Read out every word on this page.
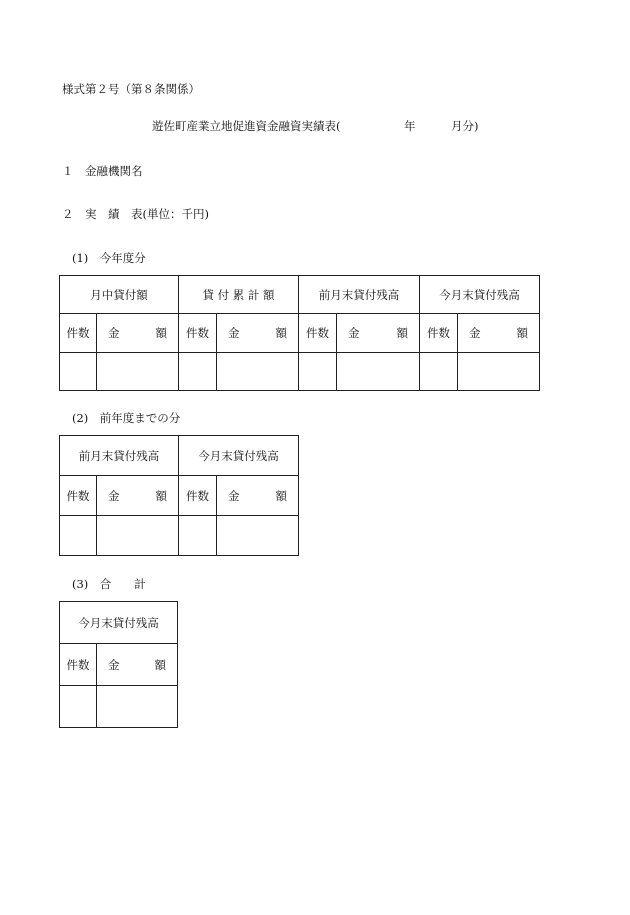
様式第２号（第８条関係）
遊佐町産業立地促進資金融資実績表(	年	月分)
１　金融機関名
２　実　績　表(単位：千円)
(1)　今年度分
月中貸付額		貸 付 累 計 額		前月末貸付残高		今月末貸付残高	
件数	金 額	件数	金 額	件数	金 額	件数	金 額

(2)　前年度までの分
前月末貸付残高		今月末貸付残高	
件数	金 額	件数	金 額

(3)　合　　計
今月末貸付残高	
件数	金 額
